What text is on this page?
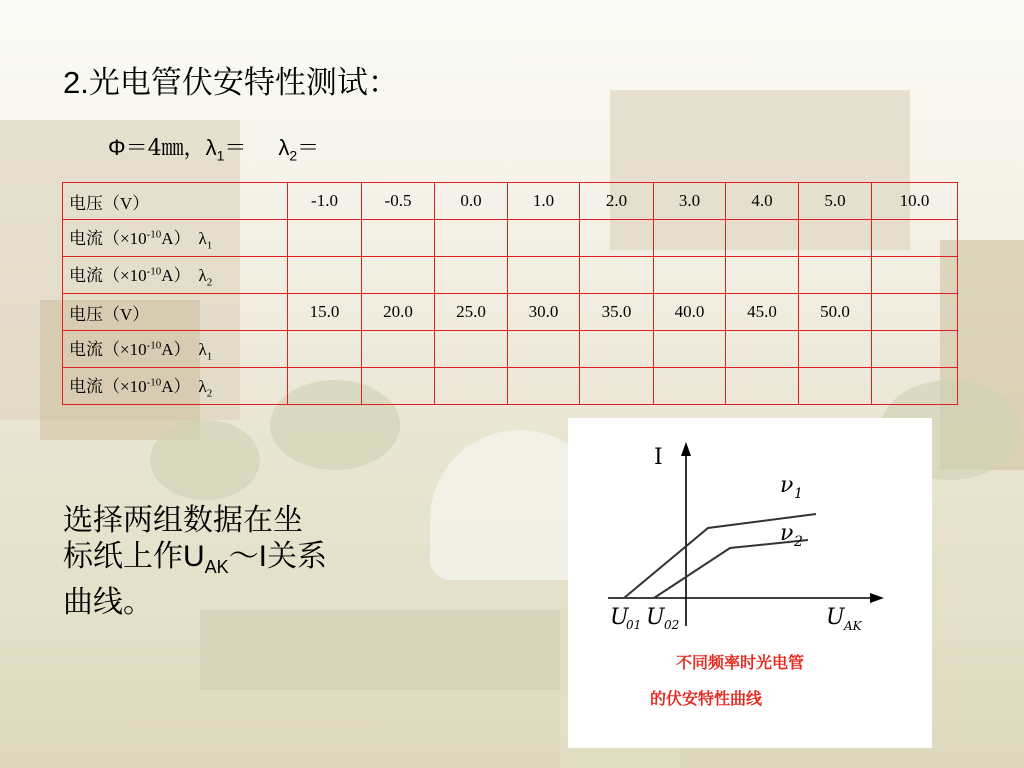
2.光电管伏安特性测试：
Φ＝4㎜，$\lambda_1= \lambda_2=$
电压（V）	-1.0	-0.5	0.0	1.0	2.0	3.0	4.0	5.0	10.0
电流$(\times 10^{-10}A)$ $\lambda_1$									
电流$(\times 10^{-10}A)$ $\lambda_2$									
电压（V）	15.0	20.0	25.0	30.0	35.0	40.0	45.0	50.0	
电流$(\times 10^{-10}A)$ $\lambda_1$									
电流$(\times 10^{-10}A)$ $\lambda_2$									
选择两组数据在坐
标纸上作$U_{AK}\sim I$关系
曲线。
I
ν 1
ν 2
U
01 U 02	U AK
不同频率时光电管
的伏安特性曲线
